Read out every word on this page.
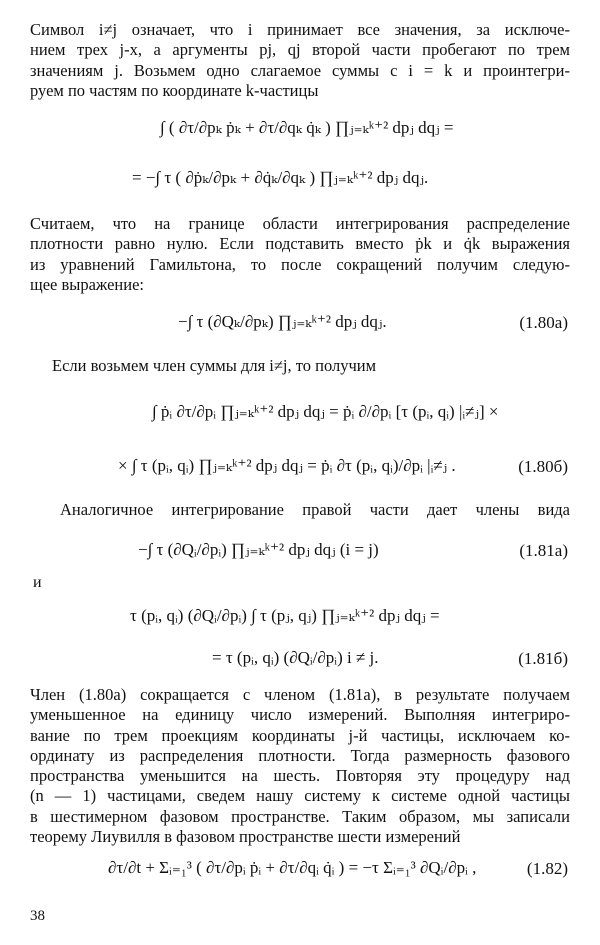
Символ i≠j означает, что i принимает все значения, за исключе-
нием трех j-х, а аргументы pj, qj второй части пробегают по трем
значениям j. Возьмем одно слагаемое суммы с i = k и проинтегри-
руем по частям по координате k-частицы

∫ ( ∂τ/∂pₖ ṗₖ + ∂τ/∂qₖ q̇ₖ ) ∏ⱼ₌ₖᵏ⁺² dpⱼ dqⱼ =
= −∫ τ ( ∂ṗₖ/∂pₖ + ∂q̇ₖ/∂qₖ ) ∏ⱼ₌ₖᵏ⁺² dpⱼ dqⱼ.

Считаем, что на границе области интегрирования распределение
плотности равно нулю. Если подставить вместо ṗk и q̇k выражения
из уравнений Гамильтона, то после сокращений получим следую-
щее выражение:

−∫ τ (∂Qₖ/∂pₖ) ∏ⱼ₌ₖᵏ⁺² dpⱼ dqⱼ.	(1.80а)

Если возьмем член суммы для i≠j, то получим

∫ ṗᵢ ∂τ/∂pᵢ ∏ⱼ₌ₖᵏ⁺² dpⱼ dqⱼ = ṗᵢ ∂/∂pᵢ [τ (pᵢ, qᵢ) |ᵢ≠ⱼ] ×
× ∫ τ (pᵢ, qᵢ) ∏ⱼ₌ₖᵏ⁺² dpⱼ dqⱼ = ṗᵢ ∂τ (pᵢ, qᵢ)/∂pᵢ |ᵢ≠ⱼ .	(1.80б)

Аналогичное интегрирование правой части дает члены вида

−∫ τ (∂Qᵢ/∂pᵢ) ∏ⱼ₌ₖᵏ⁺² dpⱼ dqⱼ (i = j)	(1.81а)
и
τ (pᵢ, qᵢ) (∂Qᵢ/∂pᵢ) ∫ τ (pⱼ, qⱼ) ∏ⱼ₌ₖᵏ⁺² dpⱼ dqⱼ =
= τ (pᵢ, qᵢ) (∂Qᵢ/∂pᵢ) i ≠ j.	(1.81б)

Член (1.80а) сокращается с членом (1.81а), в результате получаем
уменьшенное на единицу число измерений. Выполняя интегриро-
вание по трем проекциям координаты j-й частицы, исключаем ко-
ординату из распределения плотности. Тогда размерность фазового
пространства уменьшится на шесть. Повторяя эту процедуру над
(n — 1) частицами, сведем нашу систему к системе одной частицы
в шестимерном фазовом пространстве. Таким образом, мы записали
теорему Лиувилля в фазовом пространстве шести измерений

∂τ/∂t + Σᵢ₌₁³ ( ∂τ/∂pᵢ ṗᵢ + ∂τ/∂qᵢ q̇ᵢ ) = −τ Σᵢ₌₁³ ∂Qᵢ/∂pᵢ ,	(1.82)
38
